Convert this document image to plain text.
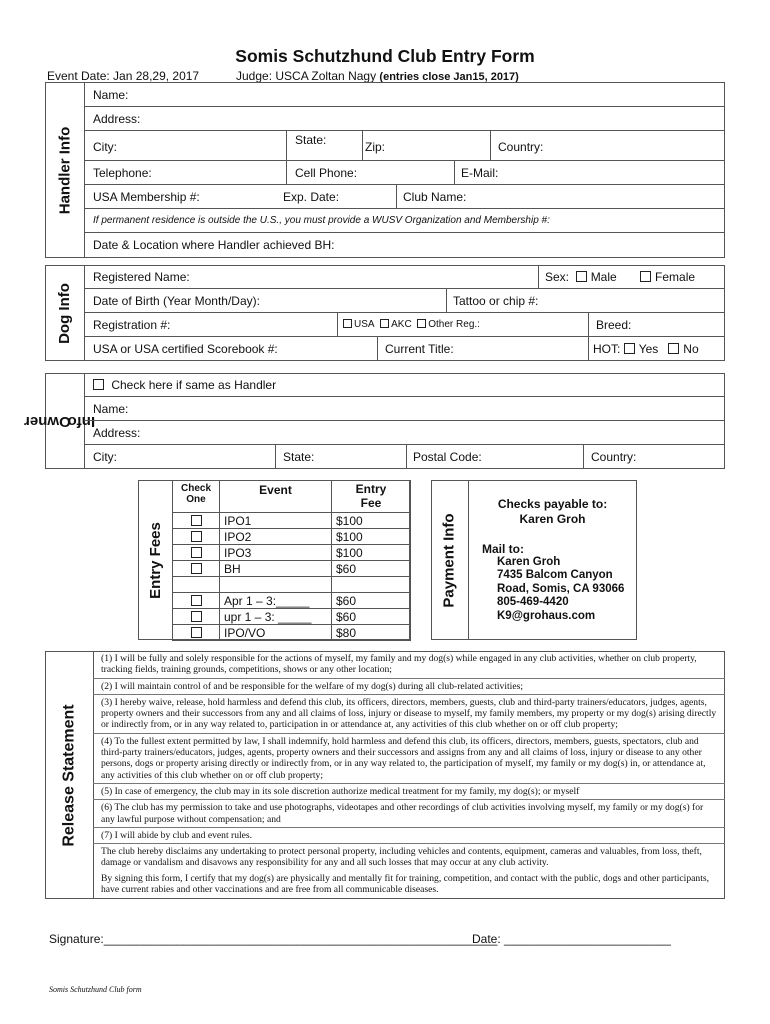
Somis Schutzhund Club Entry Form
Event Date: Jan 28,29, 2017	Judge: USCA Zoltan Nagy (entries close Jan15, 2017)
Handler Info
Name:
Address:
City:	State:	Zip:	Country:
Telephone:	Cell Phone:	E-Mail:
USA Membership #:	Exp. Date:	Club Name:
If permanent residence is outside the U.S., you must provide a WUSV Organization and Membership #:
Date & Location where Handler achieved BH:
Dog Info
Registered Name:	Sex: Male	Female
Date of Birth (Year Month/Day):	Tattoo or chip #:
Registration #:	USA AKC Other Reg.:	Breed:
USA or USA certified Scorebook #:	Current Title:	HOT: Yes No
Owner

Info
Check here if same as Handler
Name:
Address:
City:	State:	Postal Code:	Country:
Entry Fees
Check One	Event	Entry Fee
	IPO1	$100
	IPO2	$100
	IPO3	$100
	BH	$60

	Apr 1 – 3:_____	$60
	upr 1 – 3: _____	$60
	IPO/VO	$80
Payment Info
Checks payable to:
Karen Groh
Mail to:
Karen Groh
7435 Balcom Canyon
Road, Somis, CA 93066
805-469-4420
K9@grohaus.com
Release Statement

(1) I will be fully and solely responsible for the actions of myself, my family and my dog(s) while engaged in any club activities, whether on club property, tracking fields, training grounds, competitions, shows or any other location;

(2) I will maintain control of and be responsible for the welfare of my dog(s) during all club-related activities;

(3) I hereby waive, release, hold harmless and defend this club, its officers, directors, members, guests, club and third-party trainers/educators, judges, agents, property owners and their successors from any and all claims of loss, injury or disease to myself, my family members, my property or my dog(s) arising directly or indirectly from, or in any way related to, participation in or attendance at, any activities of this club whether on or off club property;

(4) To the fullest extent permitted by law, I shall indemnify, hold harmless and defend this club, its officers, directors, members, guests, spectators, club and third-party trainers/educators, judges, agents, property owners and their successors and assigns from any and all claims of loss, injury or disease to any other persons, dogs or property arising directly or indirectly from, or in any way related to, the participation of myself, my family or my dog(s) in, or attendance at, any activities of this club whether on or off club property;

(5) In case of emergency, the club may in its sole discretion authorize medical treatment for my family, my dog(s); or myself

(6) The club has my permission to take and use photographs, videotapes and other recordings of club activities involving myself, my family or my dog(s) for any lawful purpose without compensation; and

(7) I will abide by club and event rules.

The club hereby disclaims any undertaking to protect personal property, including vehicles and contents, equipment, cameras and valuables, from loss, theft, damage or vandalism and disavows any responsibility for any and all such losses that may occur at any club activity.

By signing this form, I certify that my dog(s) are physically and mentally fit for training, competition, and contact with the public, dogs and other participants, have current rabies and other vaccinations and are free from all communicable diseases.

Signature:___________________________________________________________
Date: _________________________
Somis Schutzhund Club form
